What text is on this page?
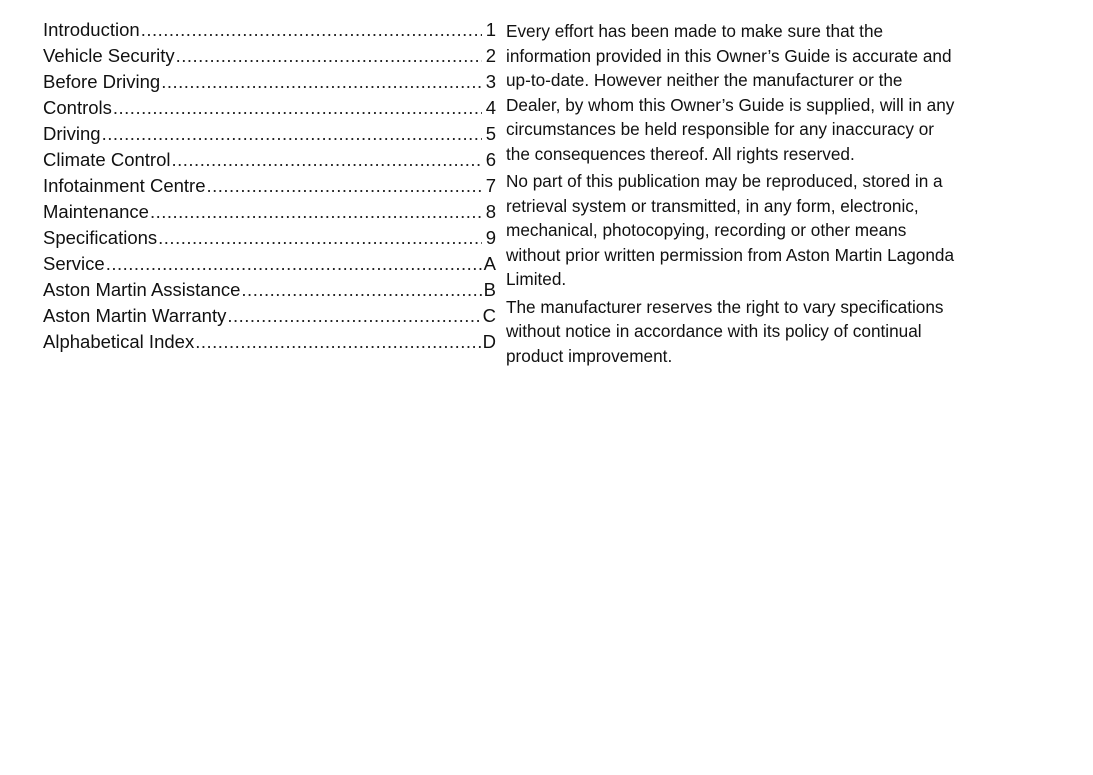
Introduction .....	1
Vehicle Security .....	2
Before Driving .....	3
Controls .....	4
Driving .....	5
Climate Control .....	6
Infotainment Centre .....	7
Maintenance .....	8
Specifications .....	9
Service .....	A
Aston Martin Assistance .....	B
Aston Martin Warranty .....	C
Alphabetical Index .....	D

Every effort has been made to make sure that the information provided in this Owner’s Guide is accurate and up-to-date. However neither the manufacturer or the Dealer, by whom this Owner’s Guide is supplied, will in any circumstances be held responsible for any inaccuracy or the consequences thereof. All rights reserved.

No part of this publication may be reproduced, stored in a retrieval system or transmitted, in any form, electronic, mechanical, photocopying, recording or other means without prior written permission from Aston Martin Lagonda Limited.

The manufacturer reserves the right to vary specifications without notice in accordance with its policy of continual product improvement.
